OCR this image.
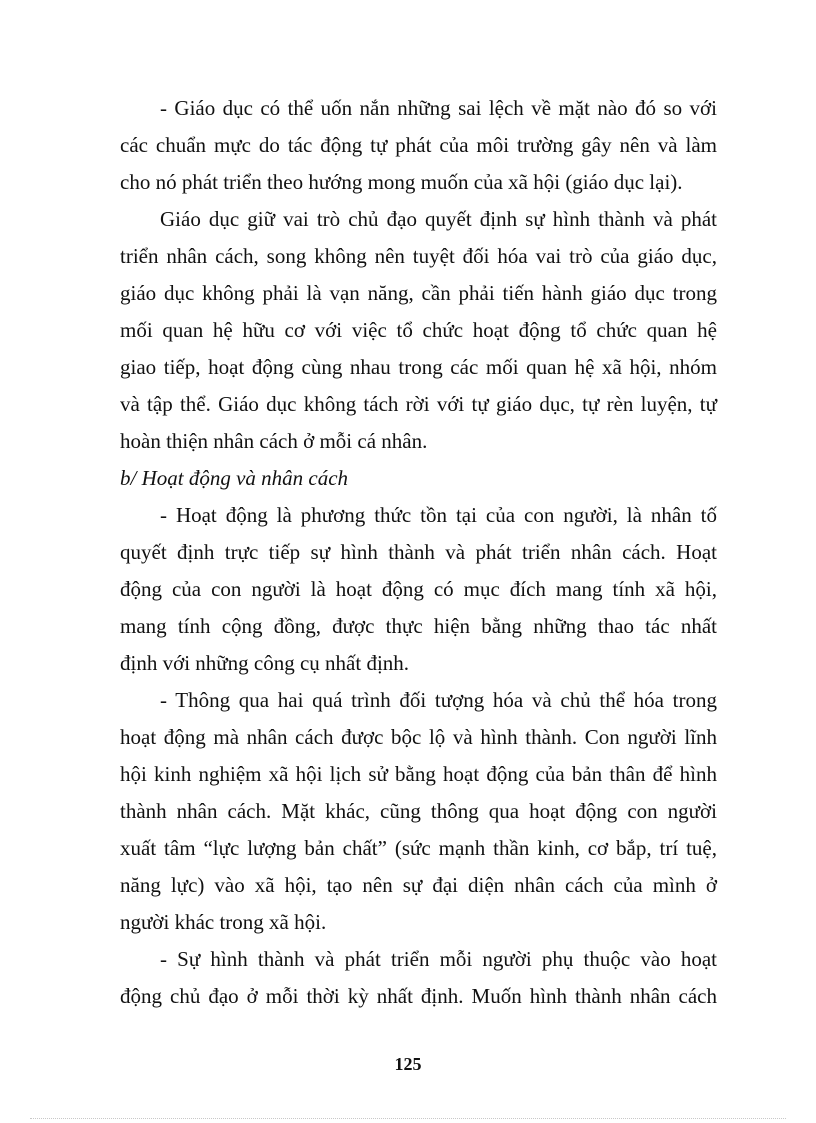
- Giáo dục có thể uốn nắn những sai lệch về mặt nào đó so với
các chuẩn mực do tác động tự phát của môi trường gây nên và làm
cho nó phát triển theo hướng mong muốn của xã hội (giáo dục lại).
Giáo dục giữ vai trò chủ đạo quyết định sự hình thành và phát
triển nhân cách, song không nên tuyệt đối hóa vai trò của giáo dục,
giáo dục không phải là vạn năng, cần phải tiến hành giáo dục trong
mối quan hệ hữu cơ với việc tổ chức hoạt động tổ chức quan hệ
giao tiếp, hoạt động cùng nhau trong các mối quan hệ xã hội, nhóm
và tập thể. Giáo dục không tách rời với tự giáo dục, tự rèn luyện, tự
hoàn thiện nhân cách ở mỗi cá nhân.
b/ Hoạt động và nhân cách
- Hoạt động là phương thức tồn tại của con người, là nhân tố
quyết định trực tiếp sự hình thành và phát triển nhân cách. Hoạt
động của con người là hoạt động có mục đích mang tính xã hội,
mang tính cộng đồng, được thực hiện bằng những thao tác nhất
định với những công cụ nhất định.
- Thông qua hai quá trình đối tượng hóa và chủ thể hóa trong
hoạt động mà nhân cách được bộc lộ và hình thành. Con người lĩnh
hội kinh nghiệm xã hội lịch sử bằng hoạt động của bản thân để hình
thành nhân cách. Mặt khác, cũng thông qua hoạt động con người
xuất tâm “lực lượng bản chất” (sức mạnh thần kinh, cơ bắp, trí tuệ,
năng lực) vào xã hội, tạo nên sự đại diện nhân cách của mình ở
người khác trong xã hội.
- Sự hình thành và phát triển mỗi người phụ thuộc vào hoạt
động chủ đạo ở mỗi thời kỳ nhất định. Muốn hình thành nhân cách
125
